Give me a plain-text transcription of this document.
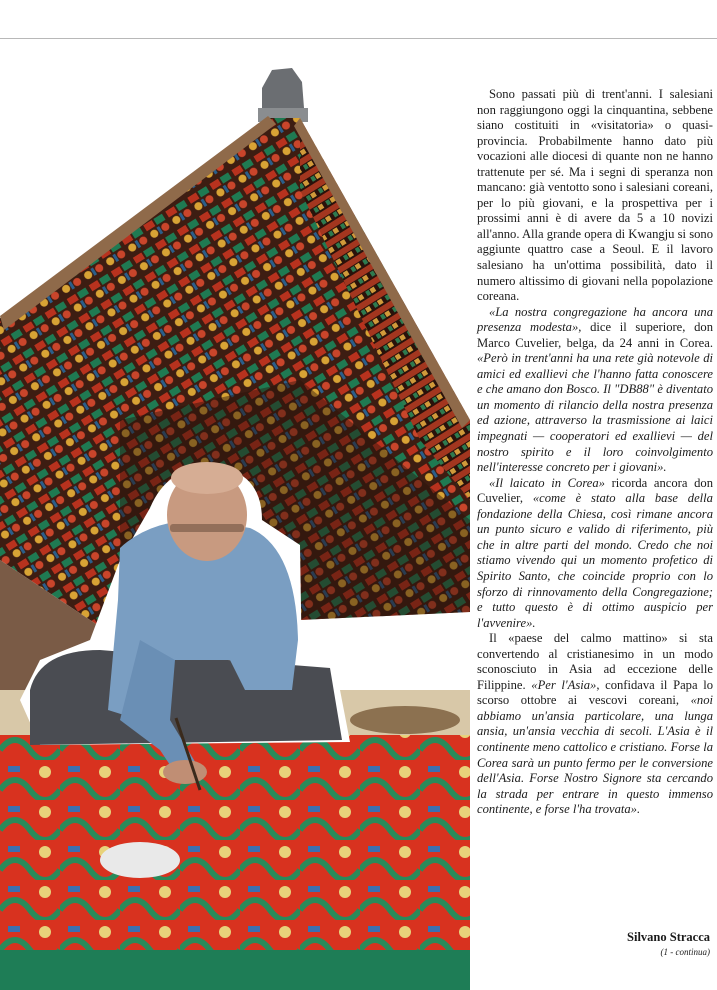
Sono passati più di trent'anni. I salesiani non raggiungono oggi la cinquantina, sebbene siano costituiti in «visitatoria» o quasi-provincia. Probabilmente hanno dato più vocazioni alle diocesi di quante non ne hanno trattenute per sé. Ma i segni di speranza non mancano: già ventotto sono i salesiani coreani, per lo più giovani, e la prospettiva per i prossimi anni è di avere da 5 a 10 novizi all'anno. Alla grande opera di Kwangju si sono aggiunte quattro case a Seoul. E il lavoro salesiano ha un'ottima possibilità, dato il numero altissimo di giovani nella popolazione coreana.

«La nostra congregazione ha ancora una presenza modesta», dice il superiore, don Marco Cuvelier, belga, da 24 anni in Corea. «Però in trent'anni ha una rete già notevole di amici ed exallievi che l'hanno fatta conoscere e che amano don Bosco. Il "DB88" è diventato un momento di rilancio della nostra presenza ed azione, attraverso la trasmissione ai laici impegnati — cooperatori ed exallievi — del nostro spirito e il loro coinvolgimento nell'interesse concreto per i giovani».

«Il laicato in Corea» ricorda ancora don Cuvelier, «come è stato alla base della fondazione della Chiesa, così rimane ancora un punto sicuro e valido di riferimento, più che in altre parti del mondo. Credo che noi stiamo vivendo qui un momento profetico di Spirito Santo, che coincide proprio con lo sforzo di rinnovamento della Congregazione; e tutto questo è di ottimo auspicio per l'avvenire».

Il «paese del calmo mattino» si sta convertendo al cristianesimo in un modo sconosciuto in Asia ad eccezione delle Filippine. «Per l'Asia», confidava il Papa lo scorso ottobre ai vescovi coreani, «noi abbiamo un'ansia particolare, una lunga ansia, un'ansia vecchia di secoli. L'Asia è il continente meno cattolico e cristiano. Forse la Corea sarà un punto fermo per le conversione dell'Asia. Forse Nostro Signore sta cercando la strada per entrare in questo immenso continente, e forse l'ha trovata».

Silvano Stracca
(1 - continua)
